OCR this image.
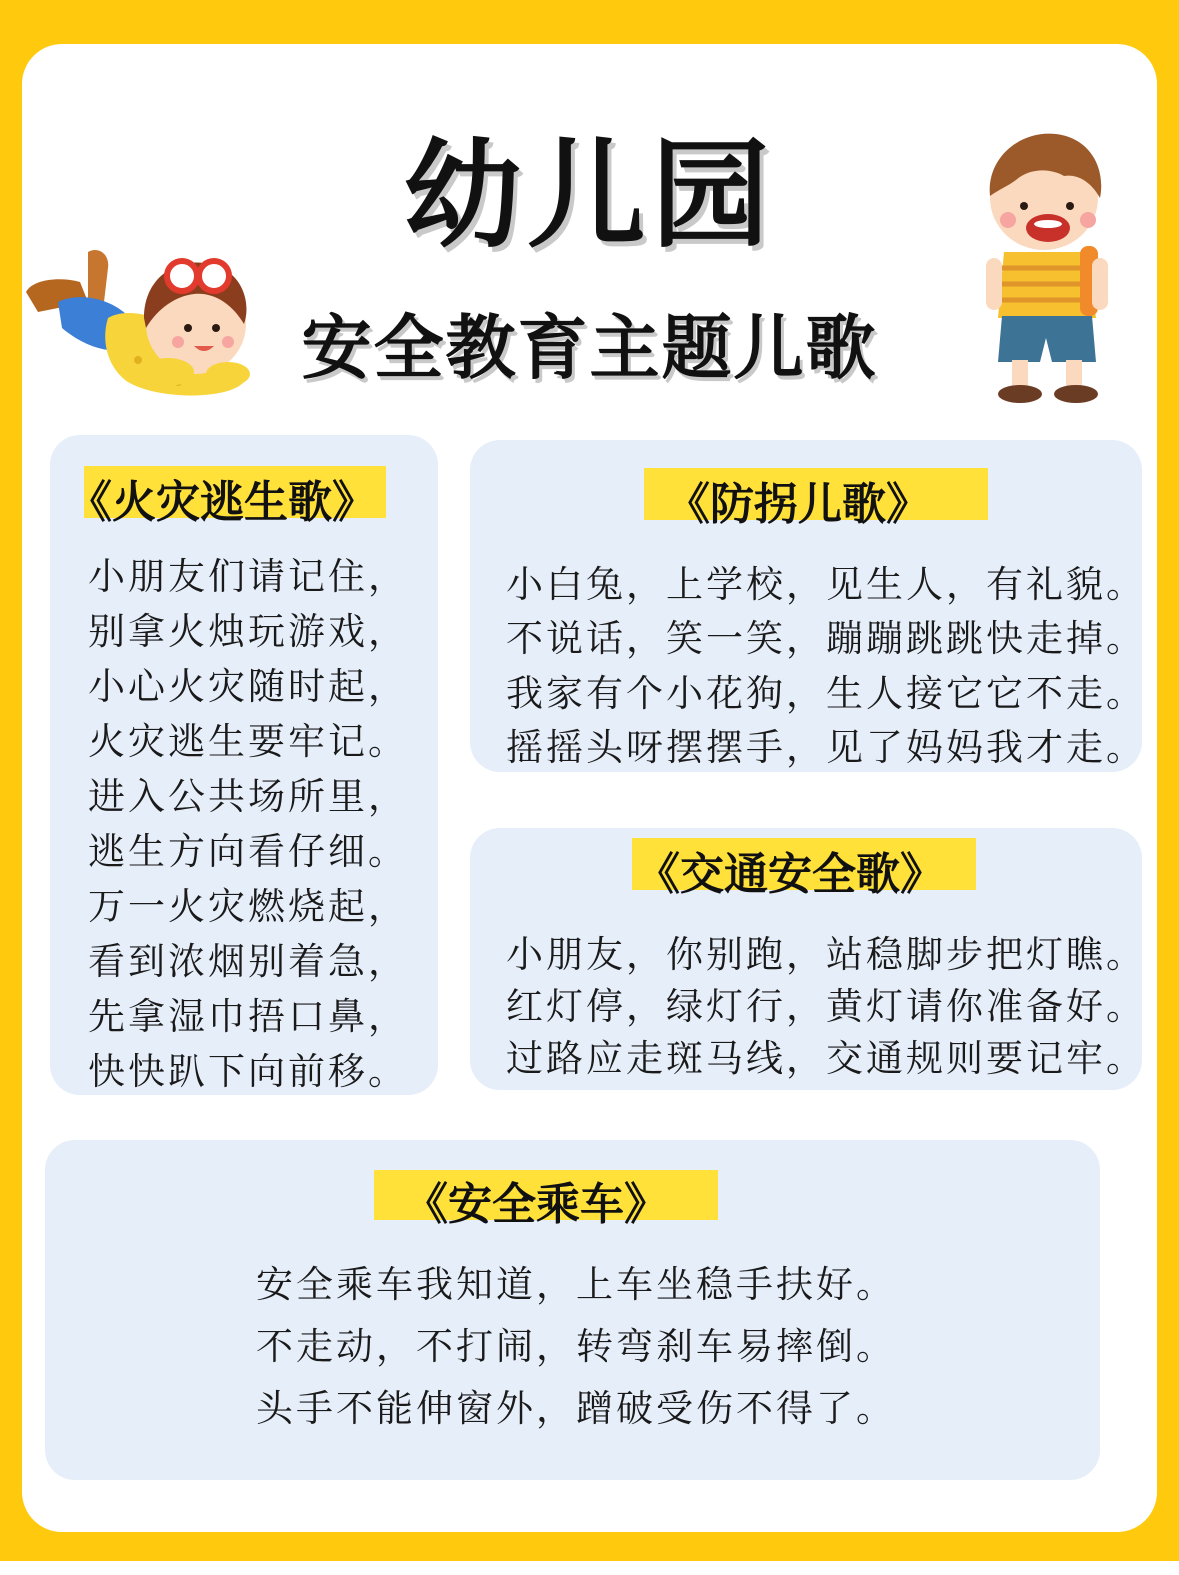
幼儿园
安全教育主题儿歌
《火灾逃生歌》
小朋友们请记住，
别拿火烛玩游戏，
小心火灾随时起，
火灾逃生要牢记。
进入公共场所里，
逃生方向看仔细。
万一火灾燃烧起，
看到浓烟别着急，
先拿湿巾捂口鼻，
快快趴下向前移。
《防拐儿歌》
小白兔，上学校，见生人，有礼貌。
不说话，笑一笑，蹦蹦跳跳快走掉。
我家有个小花狗，生人接它它不走。
摇摇头呀摆摆手，见了妈妈我才走。
《交通安全歌》
小朋友，你别跑，站稳脚步把灯瞧。
红灯停，绿灯行，黄灯请你准备好。
过路应走斑马线，交通规则要记牢。
《安全乘车》
安全乘车我知道，上车坐稳手扶好。
不走动，不打闹，转弯刹车易摔倒。
头手不能伸窗外，蹭破受伤不得了。
